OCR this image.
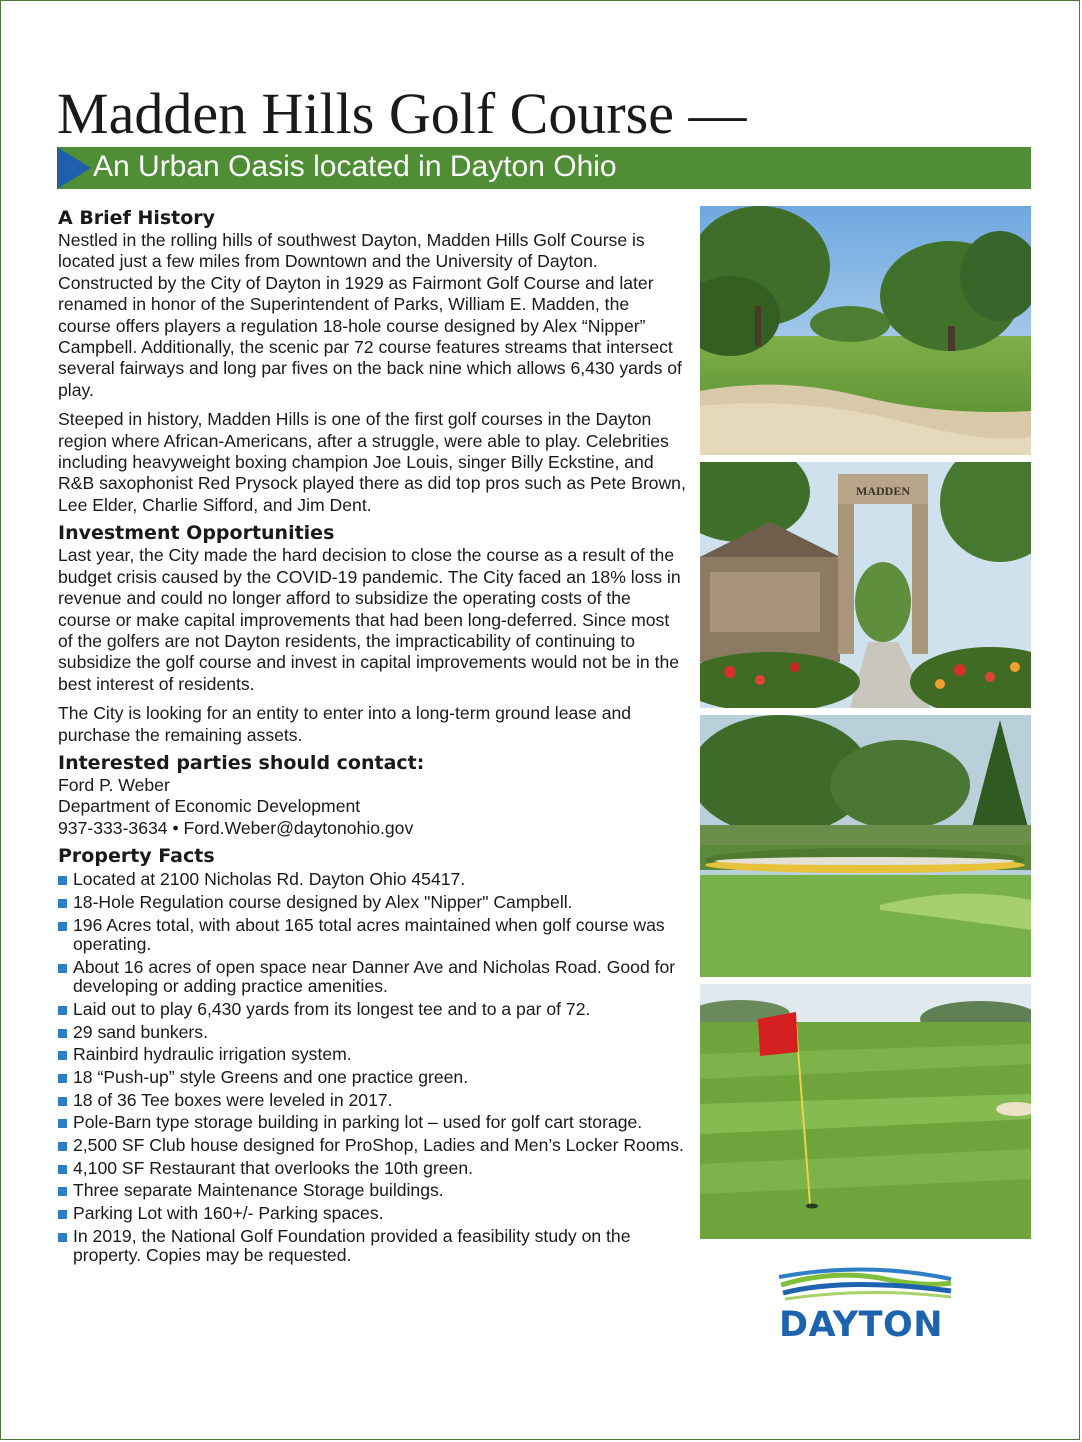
Madden Hills Golf Course —
An Urban Oasis located in Dayton Ohio
A Brief History

Nestled in the rolling hills of southwest Dayton, Madden Hills Golf Course is located just a few miles from Downtown and the University of Dayton. Constructed by the City of Dayton in 1929 as Fairmont Golf Course and later renamed in honor of the Superintendent of Parks, William E. Madden, the course offers players a regulation 18-hole course designed by Alex “Nipper” Campbell. Additionally, the scenic par 72 course features streams that intersect several fairways and long par fives on the back nine which allows 6,430 yards of play.

Steeped in history, Madden Hills is one of the first golf courses in the Dayton region where African-Americans, after a struggle, were able to play. Celebrities including heavyweight boxing champion Joe Louis, singer Billy Eckstine, and R&B saxophonist Red Prysock played there as did top pros such as Pete Brown, Lee Elder, Charlie Sifford, and Jim Dent.

Investment Opportunities

Last year, the City made the hard decision to close the course as a result of the budget crisis caused by the COVID-19 pandemic. The City faced an 18% loss in revenue and could no longer afford to subsidize the operating costs of the course or make capital improvements that had been long-deferred. Since most of the golfers are not Dayton residents, the impracticability of continuing to subsidize the golf course and invest in capital improvements would not be in the best interest of residents.

The City is looking for an entity to enter into a long-term ground lease and purchase the remaining assets.

Interested parties should contact:

Ford P. Weber

Department of Economic Development

937-333-3634 • Ford.Weber@daytonohio.gov

Property Facts
Located at 2100 Nicholas Rd. Dayton Ohio 45417.
18-Hole Regulation course designed by Alex "Nipper" Campbell.
196 Acres total, with about 165 total acres maintained when golf course was operating.
About 16 acres of open space near Danner Ave and Nicholas Road. Good for developing or adding practice amenities.
Laid out to play 6,430 yards from its longest tee and to a par of 72.
29 sand bunkers.
Rainbird hydraulic irrigation system.
18 “Push-up” style Greens and one practice green.
18 of 36 Tee boxes were leveled in 2017.
Pole-Barn type storage building in parking lot – used for golf cart storage.
2,500 SF Club house designed for ProShop, Ladies and Men’s Locker Rooms.
4,100 SF Restaurant that overlooks the 10th green.
Three separate Maintenance Storage buildings.
Parking Lot with 160+/- Parking spaces.
In 2019, the National Golf Foundation provided a feasibility study on the property. Copies may be requested.
MADDEN
DAYTON
